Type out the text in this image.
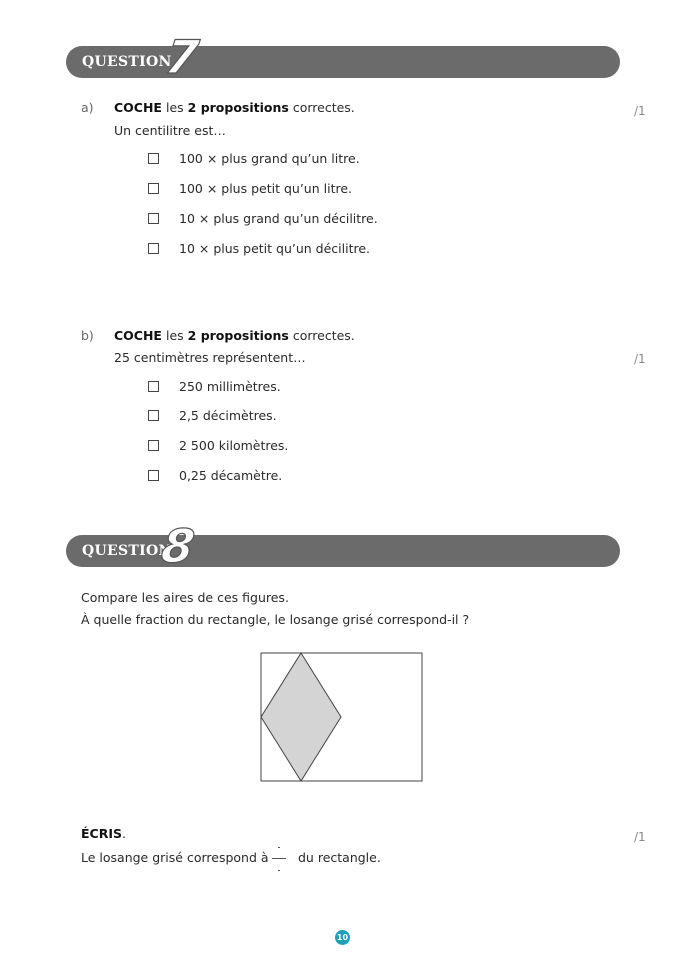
QUESTION
7
a) COCHE les 2 propositions correctes.	/1
Un centilitre est…
100 × plus grand qu’un litre.
100 × plus petit qu’un litre.
10 × plus grand qu’un décilitre.
10 × plus petit qu’un décilitre.
b) COCHE les 2 propositions correctes.
25 centimètres représentent…	/1
250 millimètres.
2,5 décimètres.
2 500 kilomètres.
0,25 décamètre.
QUESTION
8
Compare les aires de ces figures.
À quelle fraction du rectangle, le losange grisé correspond-il ?
ÉCRIS.	/1
Le losange grisé correspond à du rectangle.
10
